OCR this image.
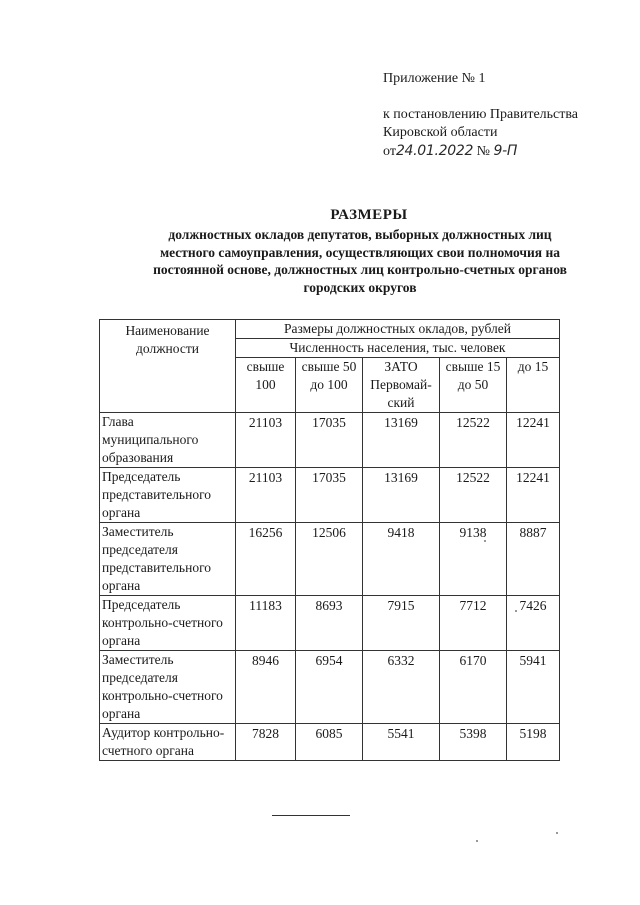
Приложение № 1
к постановлению Правительства
Кировской области
от24.01.2022 № 9-П
РАЗМЕРЫ
должностных окладов депутатов, выборных должностных лиц
местного самоуправления, осуществляющих свои полномочия на
постоянной основе, должностных лиц контрольно-счетных органов
городских округов
Наименование должности	Размеры должностных окладов, рублей				
	Численность населения, тыс. человек				
	свыше 100	свыше 50 до 100	ЗАТО Первомай-ский	свыше 15 до 50	до 15
Глава муниципального образования	21103	17035	13169	12522	12241
Председатель представительного органа	21103	17035	13169	12522	12241
Заместитель председателя представительного органа	16256	12506	9418	9138	8887
Председатель контрольно-счетного органа	11183	8693	7915	7712	7426
Заместитель председателя контрольно-счетного органа	8946	6954	6332	6170	5941
Аудитор контрольно-счетного органа	7828	6085	5541	5398	5198
